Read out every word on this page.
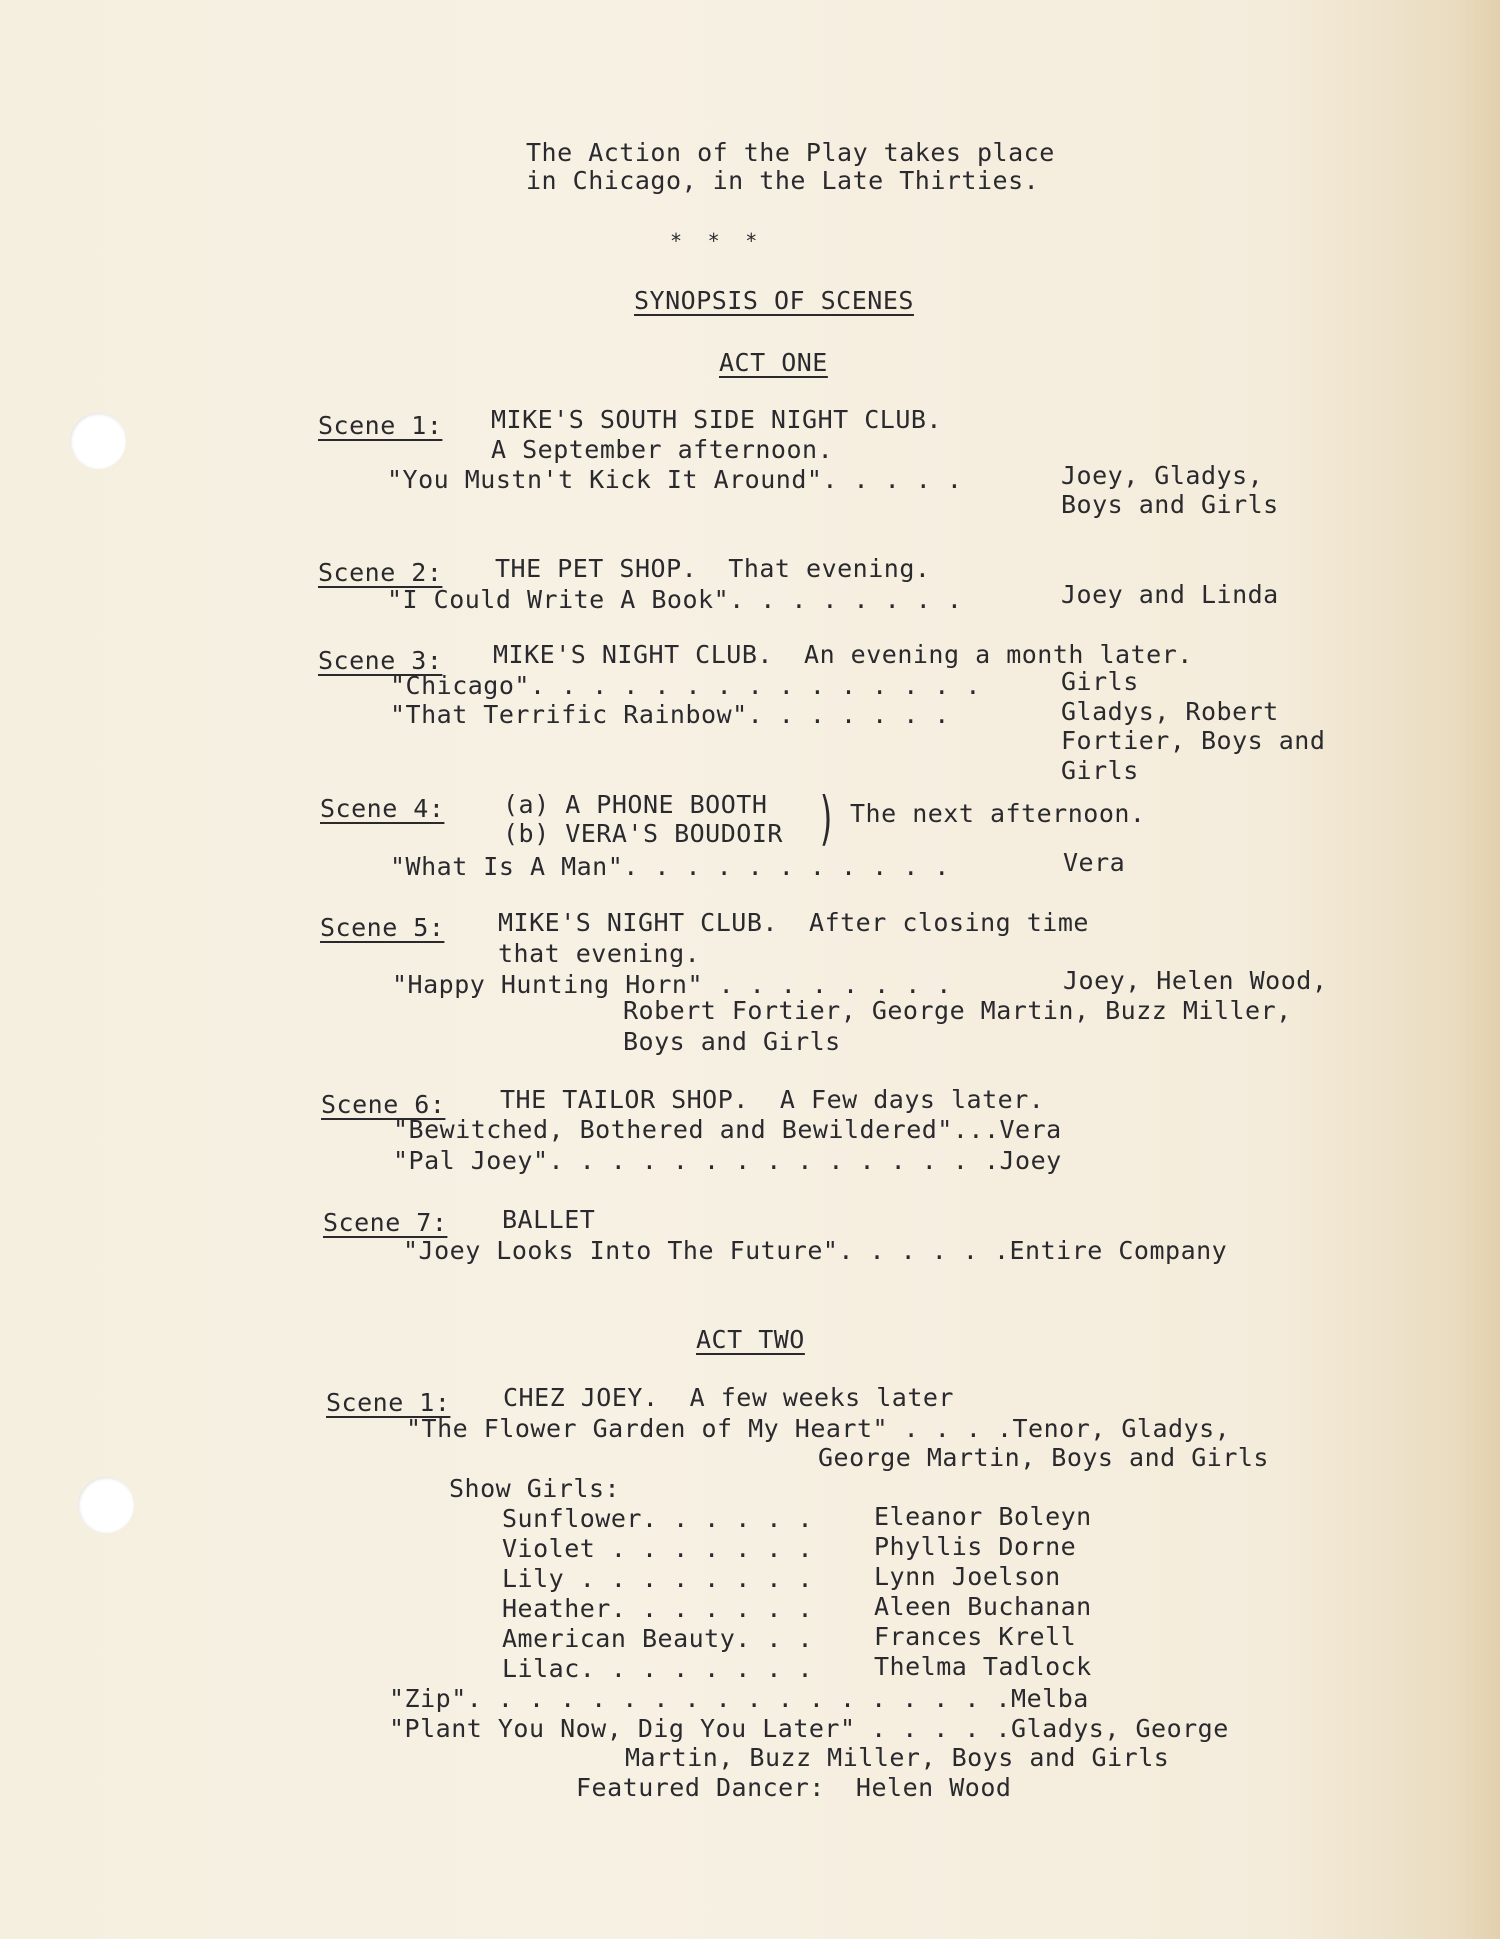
The Action of the Play takes place
in Chicago, in the Late Thirties.
*  *  *
SYNOPSIS OF SCENES
ACT ONE
Scene 1: MIKE'S SOUTH SIDE NIGHT CLUB.
A September afternoon.
"You Mustn't Kick It Around". . . . .	Joey, Gladys,
Boys and Girls
Scene 2: THE PET SHOP.  That evening.
"I Could Write A Book". . . . . . . .	Joey and Linda
Scene 3: MIKE'S NIGHT CLUB.  An evening a month later.
"Chicago". . . . . . . . . . . . . . .	Girls
"That Terrific Rainbow". . . . . . .	Gladys, Robert
Fortier, Boys and
Girls
Scene 4: (a) A PHONE BOOTH
(b) VERA'S BOUDOIR ) The next afternoon.
"What Is A Man". . . . . . . . . . .	Vera
Scene 5: MIKE'S NIGHT CLUB.  After closing time
that evening.
"Happy Hunting Horn" . . . . . . . .	Joey, Helen Wood,
Robert Fortier, George Martin, Buzz Miller,
Boys and Girls
Scene 6: THE TAILOR SHOP.  A Few days later.
"Bewitched, Bothered and Bewildered"...Vera
"Pal Joey". . . . . . . . . . . . . . .Joey
Scene 7: BALLET
"Joey Looks Into The Future". . . . . .Entire Company
ACT TWO
Scene 1: CHEZ JOEY.  A few weeks later
"The Flower Garden of My Heart" . . . .Tenor, Gladys,
George Martin, Boys and Girls
Show Girls:
Sunflower. . . . . . Eleanor Boleyn
Violet . . . . . . . Phyllis Dorne
Lily . . . . . . . . Lynn Joelson
Heather. . . . . . . Aleen Buchanan
American Beauty. . . Frances Krell
Lilac. . . . . . . . Thelma Tadlock
"Zip". . . . . . . . . . . . . . . . . .Melba
"Plant You Now, Dig You Later" . . . . .Gladys, George
Martin, Buzz Miller, Boys and Girls
Featured Dancer:  Helen Wood
